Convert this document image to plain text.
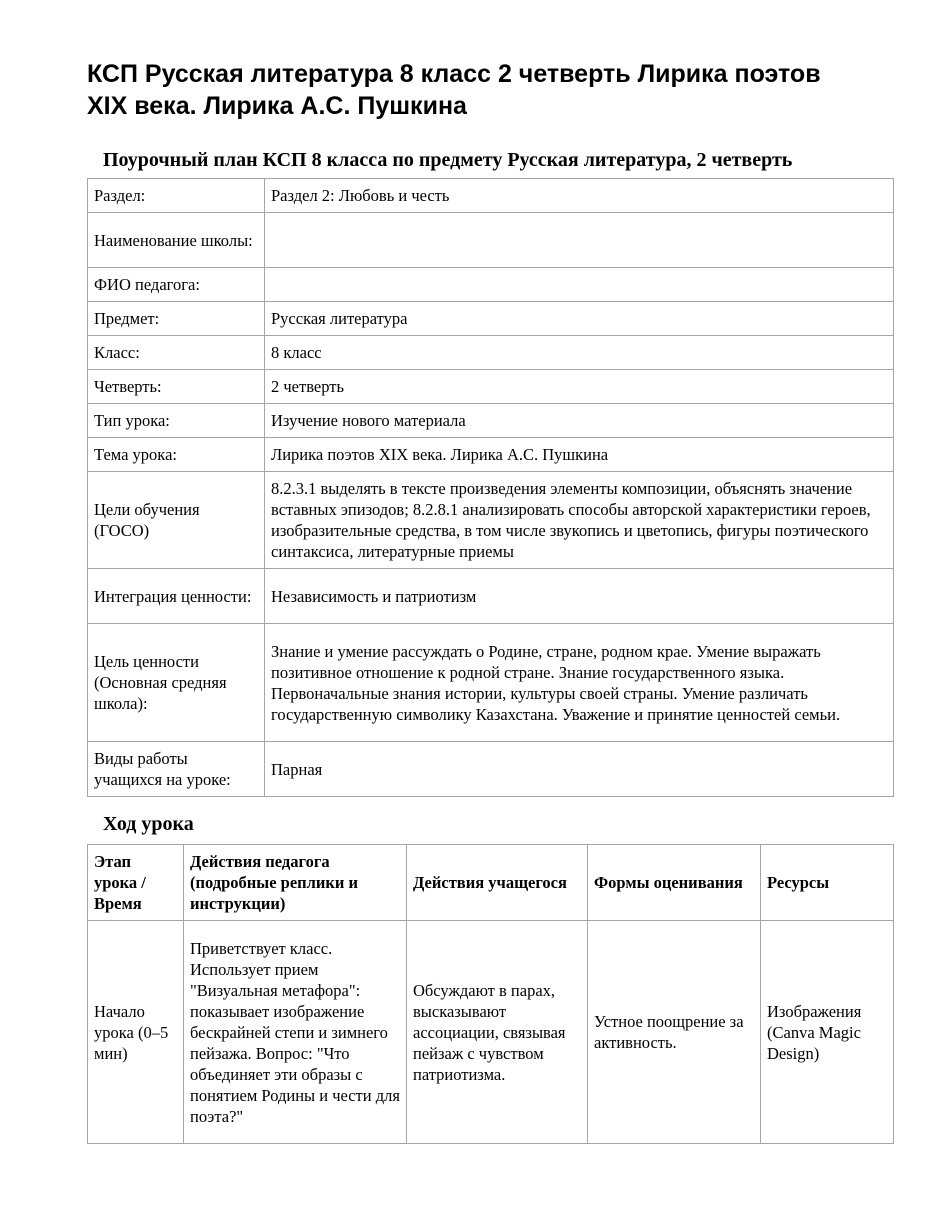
КСП Русская литература 8 класс 2 четверть Лирика поэтов XIX века. Лирика А.С. Пушкина
Поурочный план КСП 8 класса по предмету Русская литература, 2 четверть
Раздел:	Раздел 2: Любовь и честь
Наименование школы:	
ФИО педагога:	
Предмет:	Русская литература
Класс:	8 класс
Четверть:	2 четверть
Тип урока:	Изучение нового материала
Тема урока:	Лирика поэтов XIX века. Лирика А.С. Пушкина
Цели обучения (ГОСО)	8.2.3.1 выделять в тексте произведения элементы композиции, объяснять значение вставных эпизодов; 8.2.8.1 анализировать способы авторской характеристики героев, изобразительные средства, в том числе звукопись и цветопись, фигуры поэтического синтаксиса, литературные приемы
Интеграция ценности:	Независимость и патриотизм
Цель ценности (Основная средняя школа):	Знание и умение рассуждать о Родине, стране, родном крае. Умение выражать позитивное отношение к родной стране. Знание государственного языка. Первоначальные знания истории, культуры своей страны. Умение различать государственную символику Казахстана. Уважение и принятие ценностей семьи.
Виды работы учащихся на уроке:	Парная
Ход урока
Этап урока / Время	Действия педагога (подробные реплики и инструкции)	Действия учащегося	Формы оценивания	Ресурсы
Начало урока (0–5 мин)	Приветствует класс. Использует прием "Визуальная метафора": показывает изображение бескрайней степи и зимнего пейзажа. Вопрос: "Что объединяет эти образы с понятием Родины и чести для поэта?"	Обсуждают в парах, высказывают ассоциации, связывая пейзаж с чувством патриотизма.	Устное поощрение за активность.	Изображения (Canva Magic Design)
